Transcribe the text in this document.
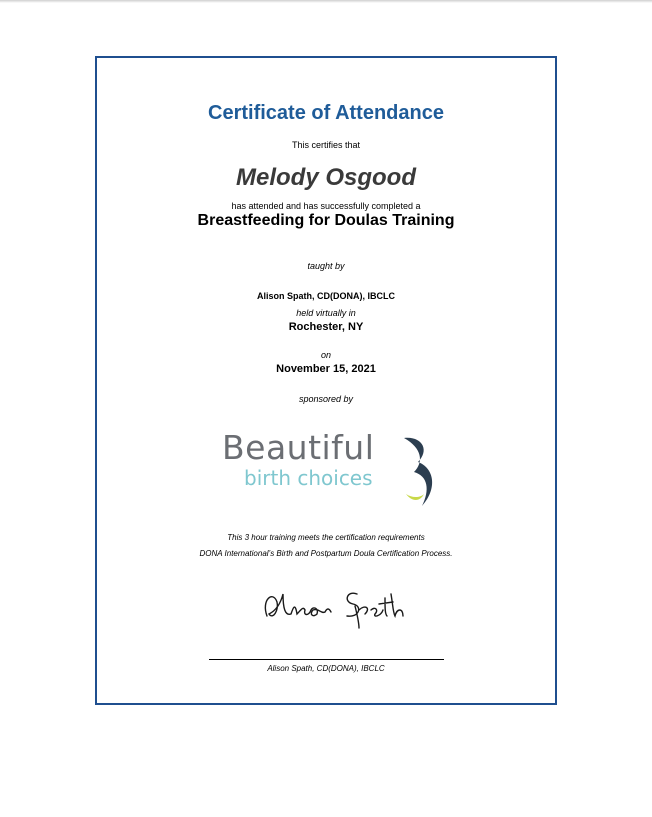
Certificate of Attendance
This certifies that
Melody Osgood
has attended and has successfully completed a
Breastfeeding for Doulas Training
taught by
Alison Spath, CD(DONA), IBCLC
held virtually in
Rochester, NY
on
November 15, 2021
sponsored by
Beautiful
birth choices
This 3 hour training meets the certification requirements
DONA International’s Birth and Postpartum Doula Certification Process.
Alison Spath, CD(DONA), IBCLC
